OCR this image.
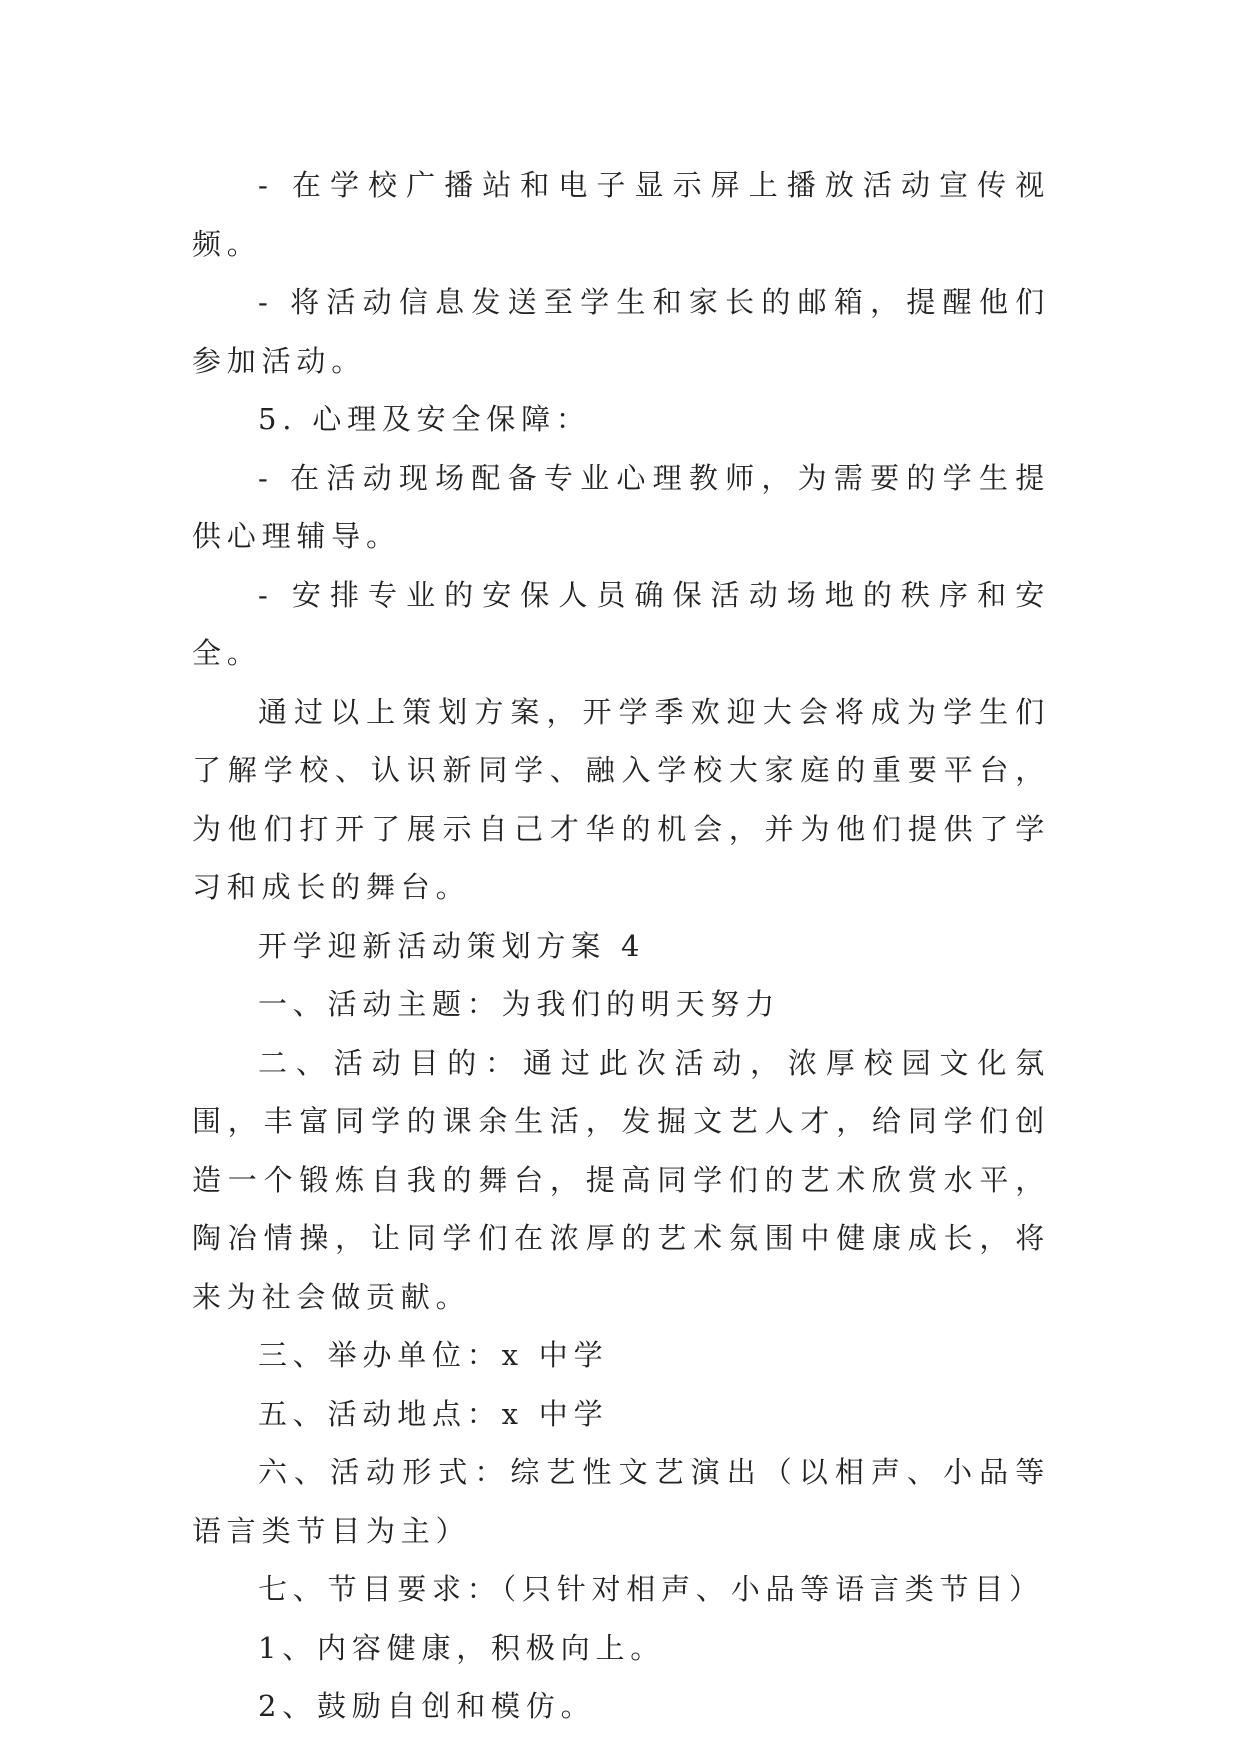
- 在学校广播站和电子显示屏上播放活动宣传视频。

- 将活动信息发送至学生和家长的邮箱，提醒他们参加活动。

5. 心理及安全保障：

- 在活动现场配备专业心理教师，为需要的学生提供心理辅导。

- 安排专业的安保人员确保活动场地的秩序和安全。

通过以上策划方案，开学季欢迎大会将成为学生们了解学校、认识新同学、融入学校大家庭的重要平台，为他们打开了展示自己才华的机会，并为他们提供了学习和成长的舞台。

开学迎新活动策划方案 4

一、活动主题：为我们的明天努力

二、活动目的：通过此次活动，浓厚校园文化氛围，丰富同学的课余生活，发掘文艺人才，给同学们创造一个锻炼自我的舞台，提高同学们的艺术欣赏水平，陶冶情操，让同学们在浓厚的艺术氛围中健康成长，将来为社会做贡献。

三、举办单位：x 中学

五、活动地点：x 中学

六、活动形式：综艺性文艺演出（以相声、小品等语言类节目为主）

七、节目要求：（只针对相声、小品等语言类节目）

1、内容健康，积极向上。

2、鼓励自创和模仿。
